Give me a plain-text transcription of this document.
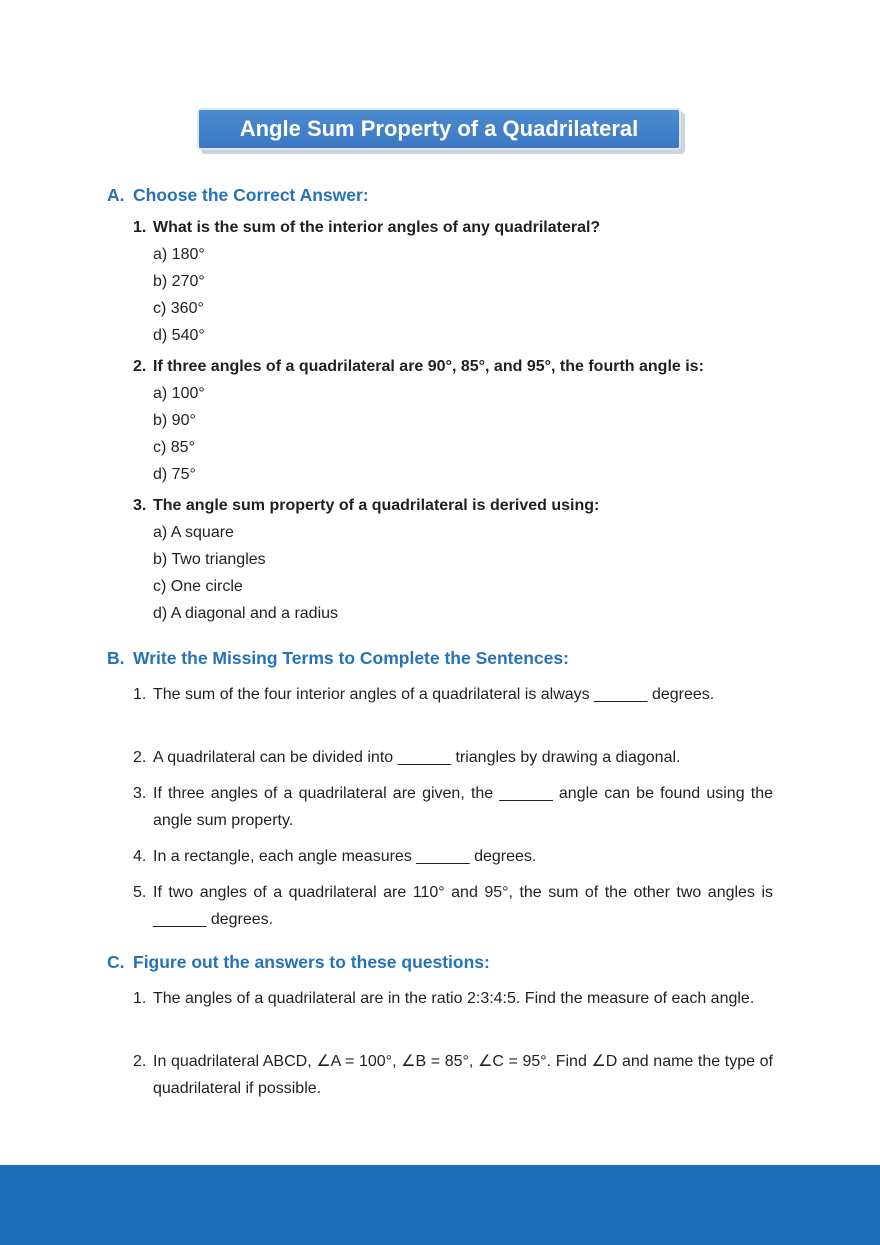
Angle Sum Property of a Quadrilateral
A. Choose the Correct Answer:
1. What is the sum of the interior angles of any quadrilateral?
a) 180°
b) 270°
c) 360°
d) 540°
2. If three angles of a quadrilateral are 90°, 85°, and 95°, the fourth angle is:
a) 100°
b) 90°
c) 85°
d) 75°
3. The angle sum property of a quadrilateral is derived using:
a) A square
b) Two triangles
c) One circle
d) A diagonal and a radius
B. Write the Missing Terms to Complete the Sentences:
1. The sum of the four interior angles of a quadrilateral is always ______ degrees.
2. A quadrilateral can be divided into ______ triangles by drawing a diagonal.
3. If three angles of a quadrilateral are given, the ______ angle can be found using the angle sum property.
4. In a rectangle, each angle measures ______ degrees.
5. If two angles of a quadrilateral are 110° and 95°, the sum of the other two angles is ______ degrees.
C. Figure out the answers to these questions:
1. The angles of a quadrilateral are in the ratio 2:3:4:5. Find the measure of each angle.
2. In quadrilateral ABCD, ∠A = 100°, ∠B = 85°, ∠C = 95°. Find ∠D and name the type of quadrilateral if possible.
